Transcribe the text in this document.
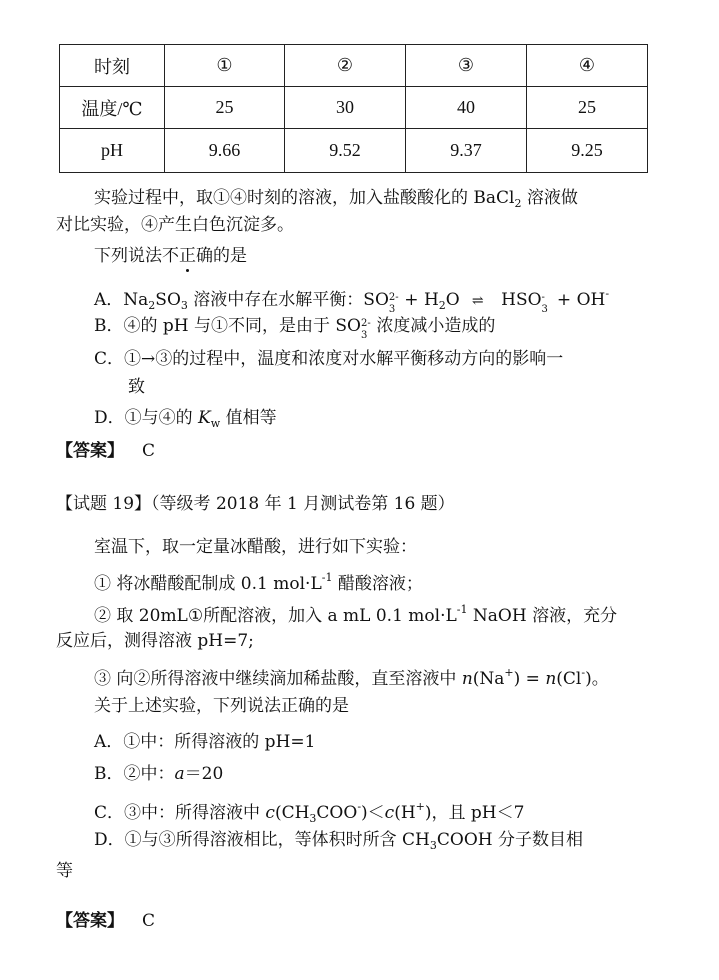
时刻	①	②	③	④
温度/℃	25	30	40	25
pH	9.66	9.52	9.37	9.25
实验过程中，取①④时刻的溶液，加入盐酸酸化的 BaCl$_2$ 溶液做
对比实验，④产生白色沉淀多。
下列说法不正确的是
A．$Na_2SO_3$ 溶液中存在水解平衡：SO 2-
$3 + H_2O$ ⇌ HSO -
3 + OH-
B．④的 pH 与①不同，是由于 SO 2-
3 浓度减小造成的
C．①→③的过程中，温度和浓度对水解平衡移动方向的影响一
致
D．①与④的 $K_w$ 值相等
【答案】 C
【试题 19】（等级考 2018 年 1 月测试卷第 16 题）
室温下，取一定量冰醋酸，进行如下实验：
① 将冰醋酸配制成 0.1 $mol\cdot L^{-1}$ 醋酸溶液；
② 取 20mL①所配溶液，加入 a mL 0.1 $mol\cdot L^{-1}$ NaOH 溶液，充分
反应后，测得溶液 pH=7;
③ 向②所得溶液中继续滴加稀盐酸，直至溶液中 n(Na+) = n(Cl-)。
关于上述实验，下列说法正确的是
A．①中：所得溶液的 pH=1
B．②中：a＝20
C．③中：所得溶液中 $c(CH_3COO^-)<c(H^+)$，且 pH＜7
D．①与③所得溶液相比，等体积时所含 $CH_3COOH$ 分子数目相
等
【答案】 C
